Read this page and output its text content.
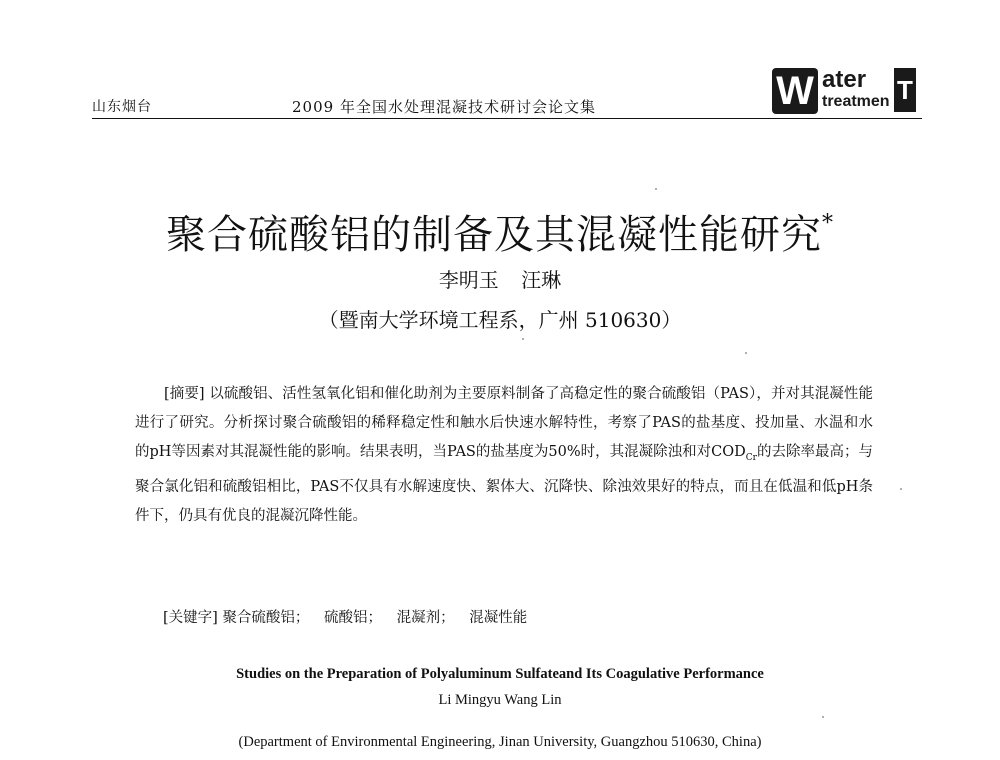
山东烟台	2009 年全国水处理混凝技术研讨会论文集	W ater
treatmen T
聚合硫酸铝的制备及其混凝性能研究*
李明玉 汪琳
（暨南大学环境工程系，广州 510630）

[摘要] 以硫酸铝、活性氢氧化铝和催化助剂为主要原料制备了高稳定性的聚合硫酸铝（PAS），并对其混凝性能进行了研究。分析探讨聚合硫酸铝的稀释稳定性和触水后快速水解特性，考察了PAS的盐基度、投加量、水温和水的pH等因素对其混凝性能的影响。结果表明，当PAS的盐基度为50%时，其混凝除浊和对$COD_{Cr}$的去除率最高；与聚合氯化铝和硫酸铝相比，PAS不仅具有水解速度快、絮体大、沉降快、除浊效果好的特点，而且在低温和低pH条件下，仍具有优良的混凝沉降性能。

[关键字] 聚合硫酸铝； 硫酸铝； 混凝剂； 混凝性能
Studies on the Preparation of Polyaluminum Sulfateand Its Coagulative Performance
Li Mingyu Wang Lin
(Department of Environmental Engineering, Jinan University, Guangzhou 510630, China)
